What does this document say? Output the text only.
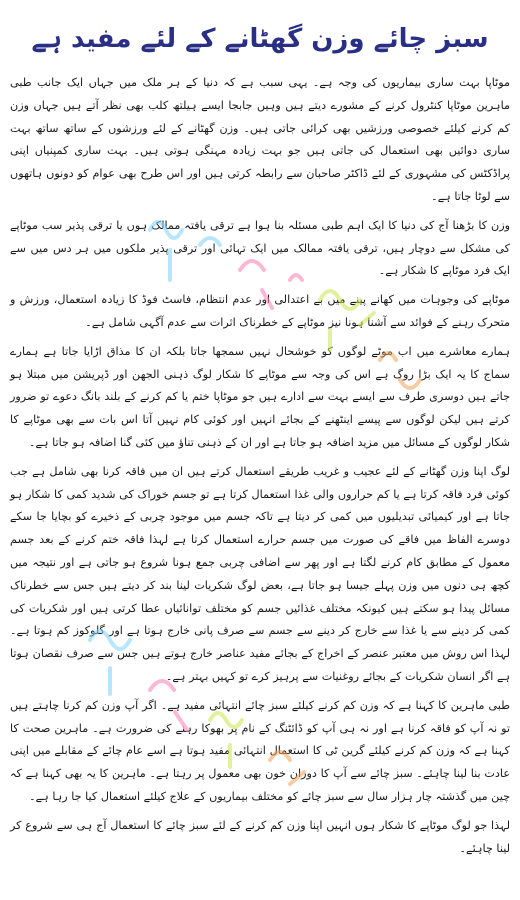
سبز چائے وزن گھٹانے کے لئے مفید ہے

موٹاپا بہت ساری بیماریوں کی وجہ ہے۔ یہی سبب ہے کہ دنیا کے ہر ملک میں جہاں ایک جانب طبی ماہرین موٹاپا کنٹرول کرنے کے مشورے دیتے ہیں وہیں جابجا ایسے ہیلتھ کلب بھی نظر آتے ہیں جہاں وزن کم کرنے کیلئے خصوصی ورزشیں بھی کرائی جاتی ہیں۔ وزن گھٹانے کے لئے ورزشوں کے ساتھ ساتھ بہت ساری دوائیں بھی استعمال کی جاتی ہیں جو بہت زیادہ مہنگی ہوتی ہیں۔ بہت ساری کمپنیاں اپنی پراڈکٹس کی مشہوری کے لئے ڈاکٹر صاحبان سے رابطہ کرتی ہیں اور اس طرح بھی عوام کو دونوں ہاتھوں سے لوٹا جاتا ہے۔

وزن کا بڑھنا آج کی دنیا کا ایک اہم طبی مسئلہ بنا ہوا ہے ترقی یافتہ ممالک ہوں یا ترقی پذیر سب موٹاپے کی مشکل سے دوچار ہیں، ترقی یافتہ ممالک میں ایک تہائی اور ترقی پذیر ملکوں میں ہر دس میں سے ایک فرد موٹاپے کا شکار ہے۔

موٹاپے کی وجوہات میں کھانے پینے میں بے اعتدالی اور عدم انتظام، فاسٹ فوڈ کا زیادہ استعمال، ورزش و متحرک رہنے کے فوائد سے آشنا ہونا نیز موٹاپے کے خطرناک اثرات سے عدم آگہی شامل ہے۔

ہمارے معاشرے میں اب موٹے لوگوں کو خوشحال نہیں سمجھا جاتا بلکہ ان کا مذاق اڑایا جاتا ہے ہمارے سماج کا یہ ایک بڑا روگ ہے اس کی وجہ سے موٹاپے کا شکار لوگ ذہنی الجھن اور ڈپریشن میں مبتلا ہو جاتے ہیں دوسری طرف سے ایسے بہت سے ادارے ہیں جو موٹاپا ختم یا کم کرنے کے بلند بانگ دعوے تو ضرور کرتے ہیں لیکن لوگوں سے پیسے اینٹھنے کے بجائے انہیں اور کوئی کام نہیں آتا اس بات سے بھی موٹاپے کا شکار لوگوں کے مسائل میں مزید اضافہ ہو جاتا ہے اور ان کے ذہنی تناؤ میں کئی گنا اضافہ ہو جاتا ہے۔

لوگ اپنا وزن گھٹانے کے لئے عجیب و غریب طریقے استعمال کرتے ہیں ان میں فاقہ کرنا بھی شامل ہے جب کوئی فرد فاقہ کرتا ہے یا کم حراروں والی غذا استعمال کرتا ہے تو جسم خوراک کی شدید کمی کا شکار ہو جاتا ہے اور کیمیائی تبدیلیوں میں کمی کر دیتا ہے تاکہ جسم میں موجود چربی کے ذخیرے کو بچایا جا سکے دوسرے الفاظ میں فاقے کی صورت میں جسم حرارے استعمال کرتا ہے لہذا فاقہ ختم کرنے کے بعد جسم معمول کے مطابق کام کرنے لگتا ہے اور پھر سے اضافی چربی جمع ہونا شروع ہو جاتی ہے اور نتیجہ میں کچھ ہی دنوں میں وزن پہلے جیسا ہو جاتا ہے، بعض لوگ شکریات لینا بند کر دیتے ہیں جس سے خطرناک مسائل پیدا ہو سکتے ہیں کیونکہ مختلف غذائیں جسم کو مختلف توانائیاں عطا کرتی ہیں اور شکریات کی کمی کر دینے سے یا غذا سے خارج کر دینے سے جسم سے صرف پانی خارج ہوتا ہے اور گلوکوز کم ہوتا ہے۔ لہذا اس روش میں معتبر عنصر کے اخراج کے بجائے مفید عناصر خارج ہوتے ہیں جس سے صرف نقصان ہوتا ہے اگر انسان شکریات کے بجائے روغنیات سے پرہیز کرے تو کہیں بہتر ہے۔

طبی ماہرین کا کہنا ہے کہ وزن کم کرنے کیلئے سبز چائے انتہائی مفید ہے۔ اگر آپ وزن کم کرنا چاہتے ہیں تو نہ آپ کو فاقہ کرنا ہے اور نہ ہی آپ کو ڈائٹنگ کے نام پر بھوکا رہنے کی ضرورت ہے۔ ماہرین صحت کا کہنا ہے کہ وزن کم کرنے کیلئے گرین ٹی کا استعمال انتہائی مفید ہوتا ہے اسے عام چائے کے مقابلے میں اپنی عادت بنا لینا چاہئے۔ سبز چائے سے آپ کا دوران خون بھی معمول پر رہتا ہے۔ ماہرین کا یہ بھی کہنا ہے کہ چین میں گذشتہ چار ہزار سال سے سبز چائے کو مختلف بیماریوں کے علاج کیلئے استعمال کیا جا رہا ہے۔

لہذا جو لوگ موٹاپے کا شکار ہوں انہیں اپنا وزن کم کرنے کے لئے سبز چائے کا استعمال آج ہی سے شروع کر لینا چاہئے۔
